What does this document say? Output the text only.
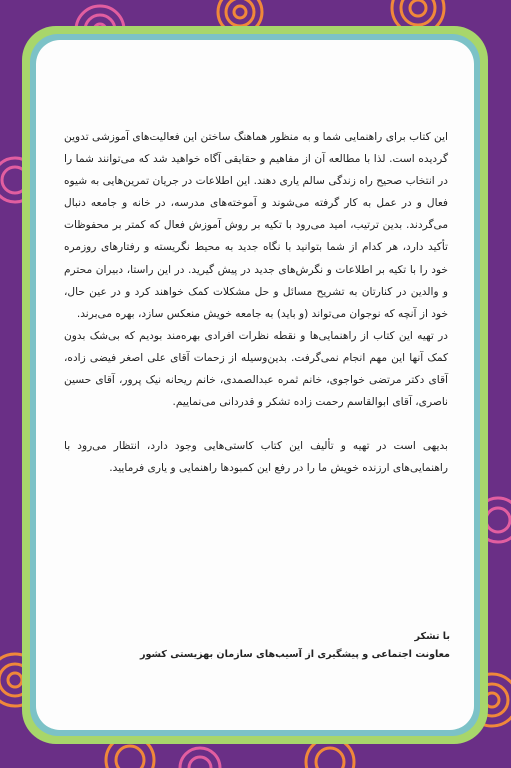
این کتاب برای راهنمایی شما و به منظور هماهنگ ساختن این فعالیت‌های آموزشی تدوین گردیده است. لذا با مطالعه آن از مفاهیم و حقایقی آگاه خواهید شد که می‌توانند شما را در انتخاب صحیح راه زندگی سالم یاری دهند. این اطلاعات در جریان تمرین‌هایی به شیوه فعال و در عمل به کار گرفته می‌شوند و آموخته‌های مدرسه، در خانه و جامعه دنبال می‌گردند. بدین ترتیب، امید می‌رود با تکیه بر روش آموزش فعال که کمتر بر محفوظات تأکید دارد، هر کدام از شما بتوانید با نگاه جدید به محیط نگریسته و رفتارهای روزمره خود را با تکیه بر اطلاعات و نگرش‌های جدید در پیش گیرید. در این راستا، دبیران محترم و والدین در کنارتان به تشریح مسائل و حل مشکلات کمک خواهند کرد و در عین حال، خود از آنچه که نوجوان می‌تواند (و باید) به جامعه خویش منعکس سازد، بهره می‌برند.

در تهیه این کتاب از راهنمایی‌ها و نقطه نظرات افرادی بهره‌مند بودیم که بی‌شک بدون کمک آنها این مهم انجام نمی‌گرفت. بدین‌وسیله از زحمات آقای علی اصغر فیضی زاده، آقای دکتر مرتضی خواجوی، خانم ثمره عبدالصمدی، خانم ریحانه نیک پرور، آقای حسین ناصری، آقای ابوالقاسم رحمت زاده تشکر و قدردانی می‌نماییم.

بدیهی است در تهیه و تألیف این کتاب کاستی‌هایی وجود دارد، انتظار می‌رود با راهنمایی‌های ارزنده خویش ما را در رفع این کمبودها راهنمایی و یاری فرمایید.

با تشکر
معاونت اجتماعی و پیشگیری از آسیب‌های سازمان بهزیستی کشور
